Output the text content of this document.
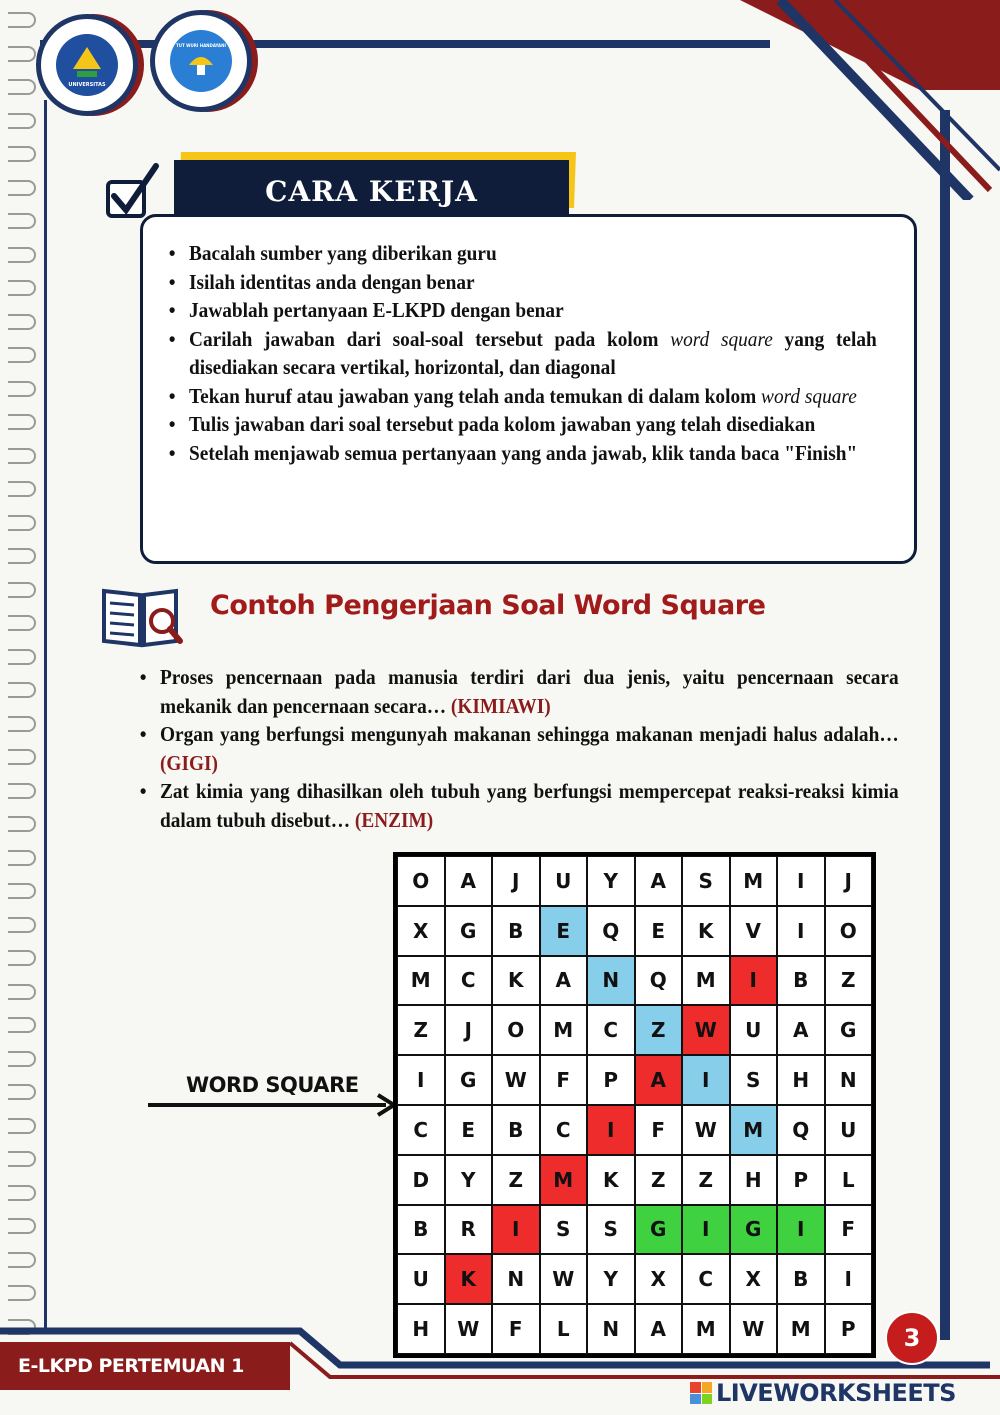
UNIVERSITAS
TUT WURI HANDAYANI
CARA KERJA
• Bacalah sumber yang diberikan guru
• Isilah identitas anda dengan benar
• Jawablah pertanyaan E-LKPD dengan benar
• Carilah jawaban dari soal-soal tersebut pada kolom word square yang telah disediakan secara vertikal, horizontal, dan diagonal
• Tekan huruf atau jawaban yang telah anda temukan di dalam kolom word square
• Tulis jawaban dari soal tersebut pada kolom jawaban yang telah disediakan
• Setelah menjawab semua pertanyaan yang anda jawab, klik tanda baca "Finish"
Contoh Pengerjaan Soal Word Square
• Proses pencernaan pada manusia terdiri dari dua jenis, yaitu pencernaan secara mekanik dan pencernaan secara… (KIMIAWI)
• Organ yang berfungsi mengunyah makanan sehingga makanan menjadi halus adalah… (GIGI)
• Zat kimia yang dihasilkan oleh tubuh yang berfungsi mempercepat reaksi-reaksi kimia dalam tubuh disebut… (ENZIM)
WORD SQUARE
O	A	J	U	Y	A	S	M	I	J
X	G	B	E	Q	E	K	V	I	O
M	C	K	A	N	Q	M	I	B	Z
Z	J	O	M	C	Z	W	U	A	G
I	G	W	F	P	A	I	S	H	N
C	E	B	C	I	F	W	M	Q	U
D	Y	Z	M	K	Z	Z	H	P	L
B	R	I	S	S	G	I	G	I	F
U	K	N	W	Y	X	C	X	B	I
H	W	F	L	N	A	M	W	M	P
E-LKPD PERTEMUAN 1
3
LIVEWORKSHEETS
